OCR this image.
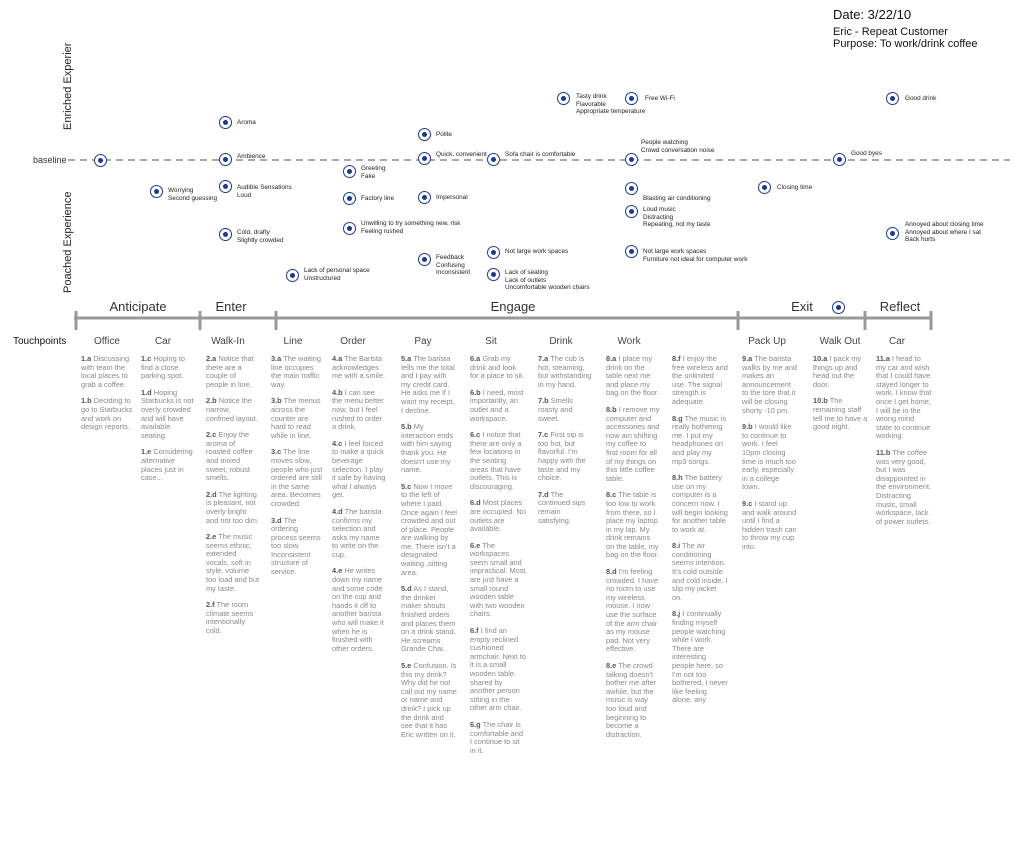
Date: 3/22/10
Eric - Repeat Customer
Purpose: To work/drink coffee
Enriched Experier
Poached Experience
baseline
Worrying
Second guessing
Aroma
Ambience
Audible Sensations
Loud
Cold, drafty
Slightly crowded
Lack of personal space
Unstructured
Greeting
Fake
Factory line
Unwilling to try something new, risk
Feeling rushed
Polite
Quick, convenient
Impersonal
Feedback
Confusing
Inconsistent
Sofa chair is comfortable
Not large work spaces
Lack of seating
Lack of outlets
Uncomfortable wooden chairs
Tasty drink
Flavorable
Appropriate temperature
Free Wi-Fi
People watching
Crowd conversation noise
Blasting air conditioning
Loud music
Distracting
Repeating, not my taste
Not large work spaces
Furniture not ideal for computer work
Closing time
Good byes
Good drink
Annoyed about closing time
Annoyed about where I sat
Back hurts
Anticipate	Enter	Engage	Exit	Reflect
Touchpoints	Office	Car	Walk-In	Line	Order	Pay	Sit	Drink	Work	Pack Up	Walk Out	Car

1.a Discussing with team the local places to grab a coffee.

1.b Deciding to go to Starbucks and work on design reports.

1.c Hoping to find a close parking spot.

1.d Hoping Starbucks is not overly crowded and will have available seating.

1.e Considering alternative places just in case...

2.a Notice that there are a couple of people in line.

2.b Notice the narrow, confined layout.

2.c Enjoy the aroma of roasted coffee and mixed sweet, robust smells.

2.d The lighting is pleasant, not overly bright and not too dim.

2.e The music seems ethnic, extended vocals, soft in style, volume too load and but my taste.

2.f The room climate seems intentionally cold.

3.a The waiting line occupies the main traffic way.

3.b The menus across the counter are hard to read while in line.

3.c The line moves slow, people who just ordered are still in the same area. Becomes crowded.

3.d The ordering process seems too slow. Inconsistent structure of service.

4.a The Barista acknowledges me with a smile.

4.b I can see the menu better now, but I feel rushed to order a drink.

4.c I feel forced to make a quick beverage selection. I play it safe by having what I always get.

4.d The barista confirms my selection and asks my name to write on the cup.

4.e He writes down my name and some code on the cup and hands it off to another barista who will make it when he is finished with other orders.

5.a The barista tells me the total and I pay with my credit card. He asks me if I want my receipt, I decline.

5.b My interaction ends with him saying thank you. He doesn't use my name.

5.c Now I move to the left of where I paid. Once again I feel crowded and out of place. People are walking by me. There isn't a designated waiting ,sitting area.

5.d As I stand, the drinker maker shouts finished orders and places them on a drink stand. He screams Grande Chai.

5.e Confusion. Is this my drink? Why did he not call out my name or name and drink? I pick up the drink and see that it has Eric written on it.

6.a Grab my drink and look for a place to sit.

6.b I need, most importantly, an outlet and a workspace.

6.c I notice that there are only a few locations in the seating areas that have outlets. This is discouraging.

6.d Most places are occupied. No outlets are available.

6.e The workspaces seem small and impractical. Most are just have a small round wooden table with two wooden chairs.

6.f I find an empty reclined cushioned armchair. Next to it is a small wooden table shared by another person sitting in the other arm chair.

6.g The chair is comfortable and I continue to sit in it.

7.a The cub is hot, steaming, but withstanding in my hand.

7.b Smells roasty and sweet.

7.c First sip is too hot, but flavorful. I'm happy with the taste and my choice.

7.d The continued sips remain satisfying.

8.a I place my drink on the table next me and place my bag on the floor.

8.b I remove my computer and accessories and now am shifting my coffee to find room for all of my things on this little coffee table.

8.c The table is too low to work from there, so I place my laptop in my lap. My drink remains on the table, my bag on the floor.

8.d I'm feeling crowded. I have no room to use my wireless mouse. I now use the surface of the arm chair as my mouse pad. Not very effective.

8.e The crowd talking doesn't bother me after awhile, but the music is way too loud and beginning to become a distraction.

8.f I enjoy the free wireless and the unlimited use. The signal strength is adequate.

8.g The music is really bothering me. I put my headphones on and play my mp3 songs.

8.h The battery use on my computer is a concern now. I will begin looking for another table to work at.

8.i The air conditioning seems intention. It's cold outside and cold inside. I slip my jacket on.

8.j I continually finding myself people watching while I work. There are interesting people here, so I'm not too bothered. I never like feeling alone. any

9.a The barista walks by me and makes an announcement to the tore that it will be closing shorty -10 pm.

9.b I would like to continue to work. I feel 10pm closing time is much too early, especially in a college town.

9.c I stand up and walk around until I find a hidden trash can to throw my cup into.

10.a I pack my things up and head out the door.

10.b The remaining staff tell me to have a good night.

11.a I head to my car and wish that I could have stayed longer to work. I know that once I get home, I will be in the wrong mind state to continue working.

11.b The coffee was very good, but I was disappointed in the environment. Distracting music, small workspace, lack of power outlets.
